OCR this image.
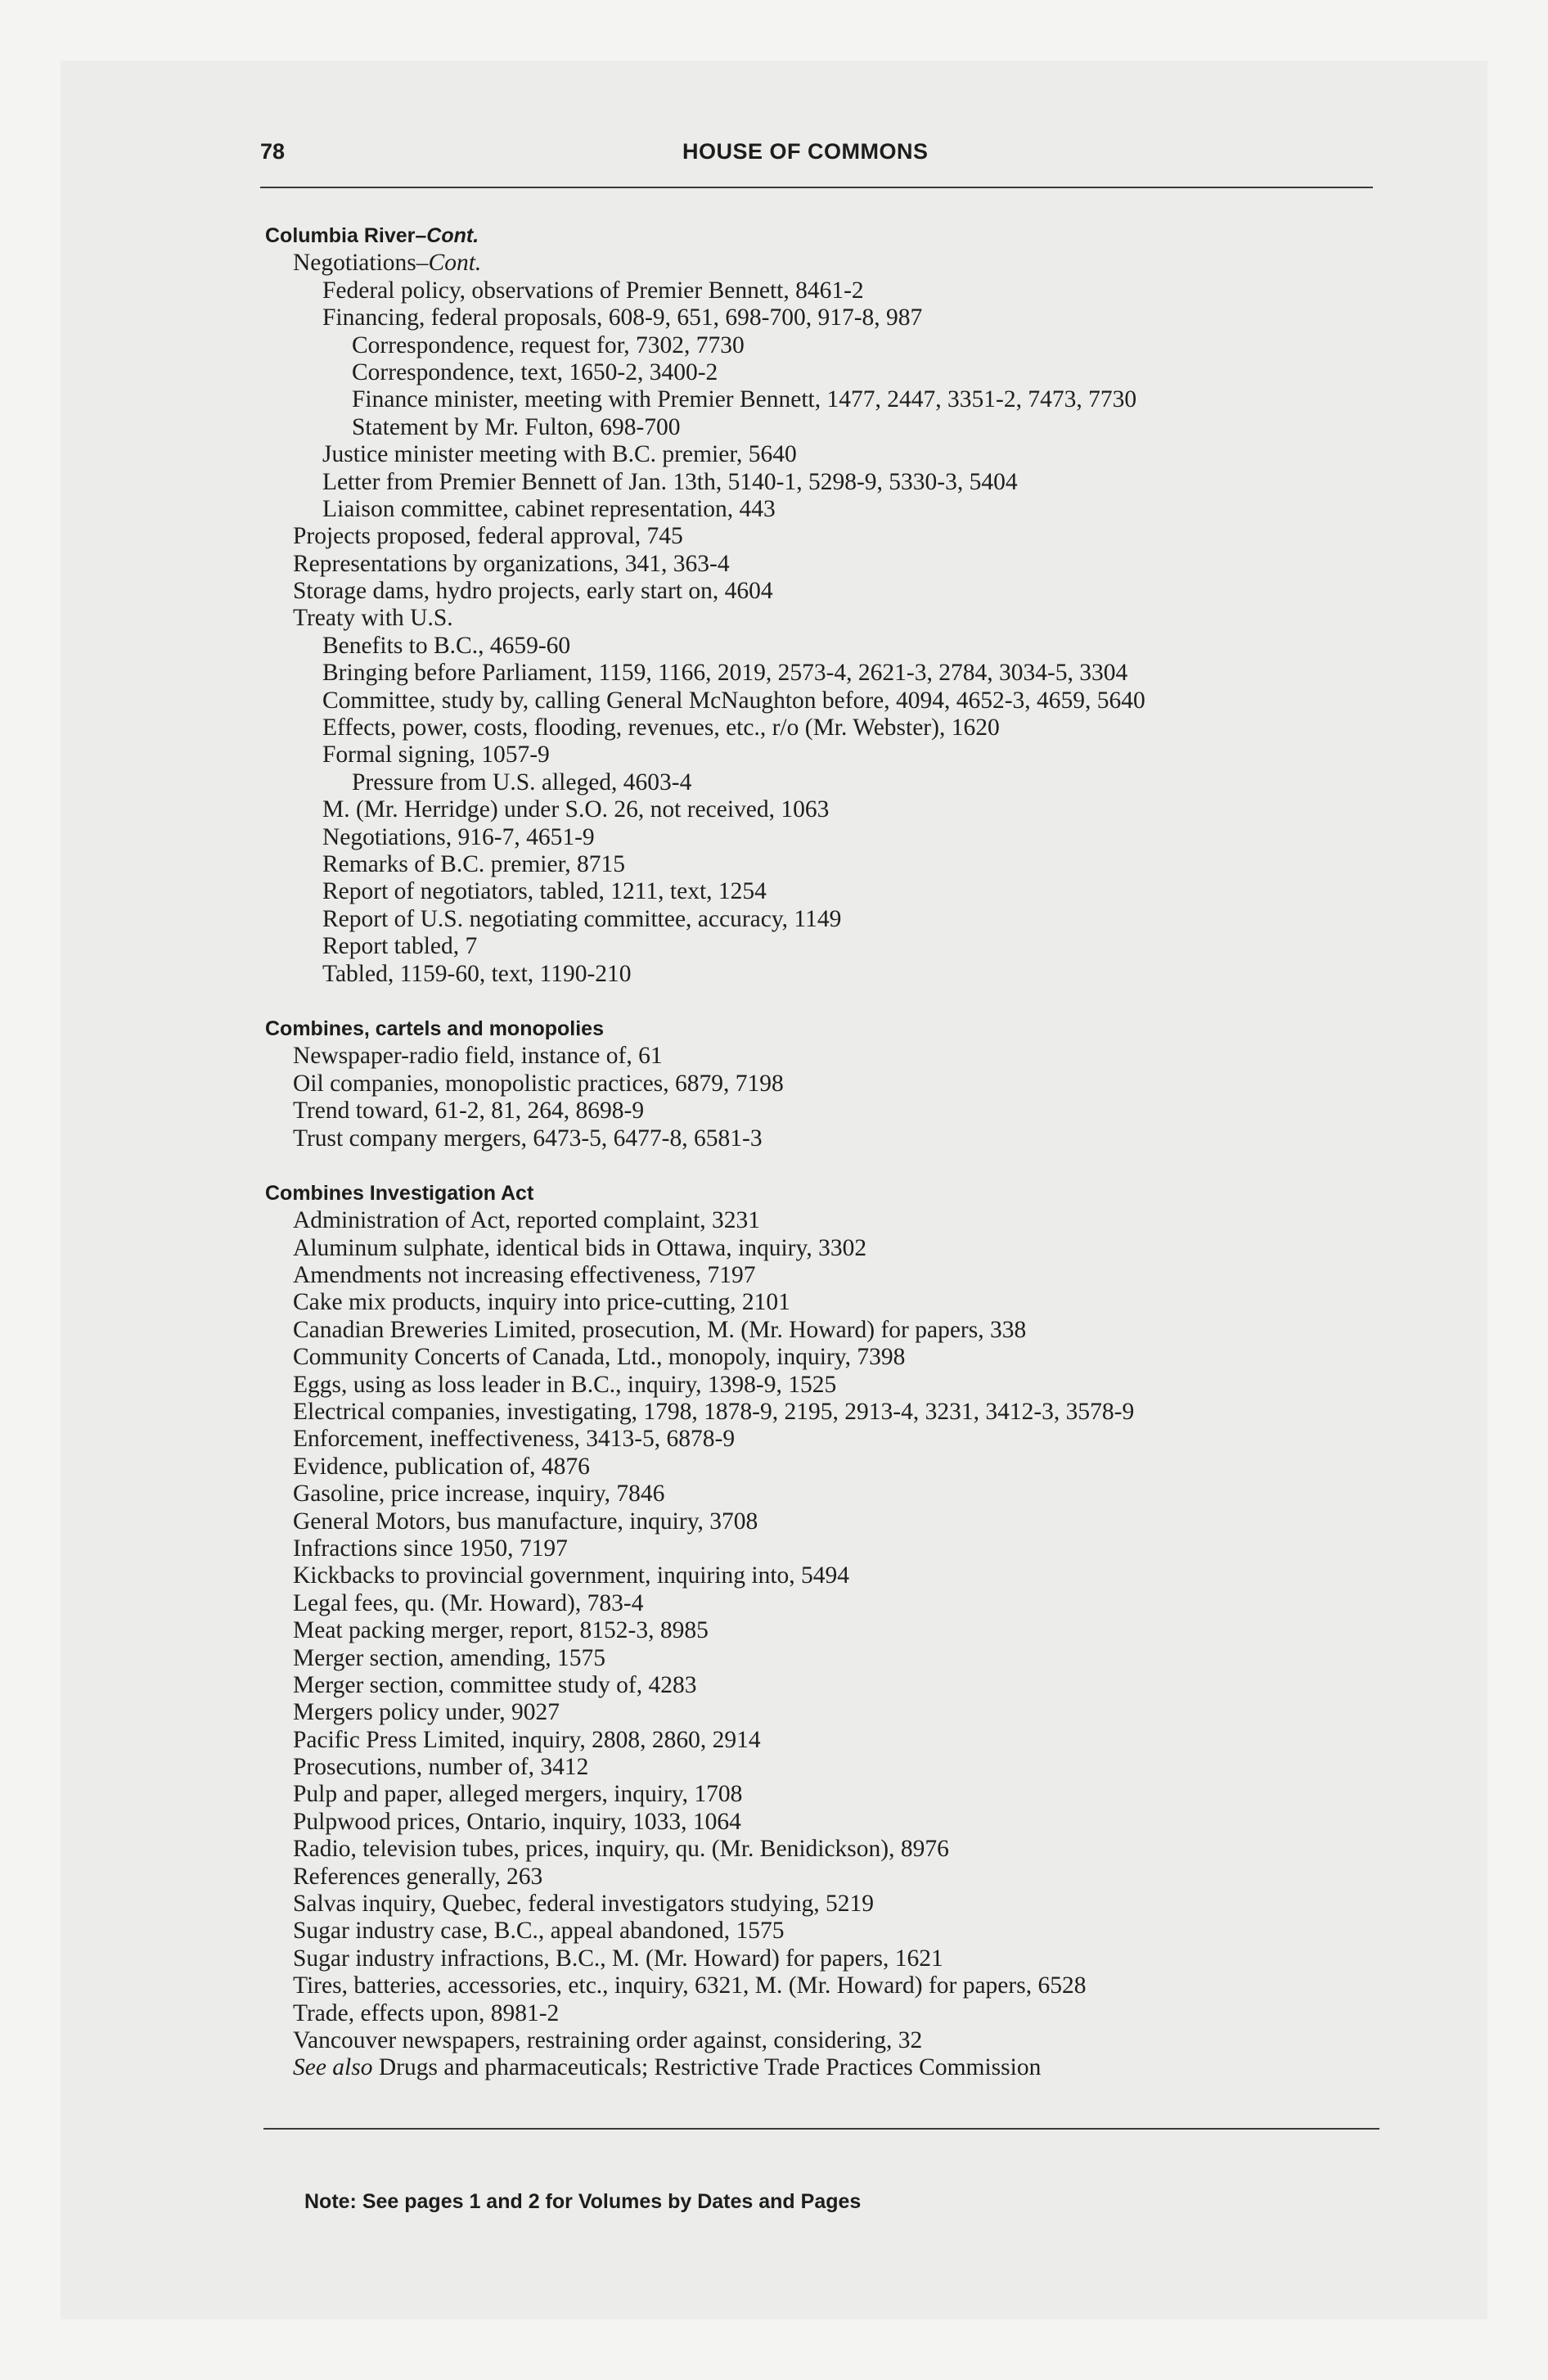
78	HOUSE OF COMMONS
Columbia River–Cont.
Negotiations–Cont.
Federal policy, observations of Premier Bennett, 8461-2
Financing, federal proposals, 608-9, 651, 698-700, 917-8, 987
Correspondence, request for, 7302, 7730
Correspondence, text, 1650-2, 3400-2
Finance minister, meeting with Premier Bennett, 1477, 2447, 3351-2, 7473, 7730
Statement by Mr. Fulton, 698-700
Justice minister meeting with B.C. premier, 5640
Letter from Premier Bennett of Jan. 13th, 5140-1, 5298-9, 5330-3, 5404
Liaison committee, cabinet representation, 443
Projects proposed, federal approval, 745
Representations by organizations, 341, 363-4
Storage dams, hydro projects, early start on, 4604
Treaty with U.S.
Benefits to B.C., 4659-60
Bringing before Parliament, 1159, 1166, 2019, 2573-4, 2621-3, 2784, 3034-5, 3304
Committee, study by, calling General McNaughton before, 4094, 4652-3, 4659, 5640
Effects, power, costs, flooding, revenues, etc., r/o (Mr. Webster), 1620
Formal signing, 1057-9
Pressure from U.S. alleged, 4603-4
M. (Mr. Herridge) under S.O. 26, not received, 1063
Negotiations, 916-7, 4651-9
Remarks of B.C. premier, 8715
Report of negotiators, tabled, 1211, text, 1254
Report of U.S. negotiating committee, accuracy, 1149
Report tabled, 7
Tabled, 1159-60, text, 1190-210
Combines, cartels and monopolies
Newspaper-radio field, instance of, 61
Oil companies, monopolistic practices, 6879, 7198
Trend toward, 61-2, 81, 264, 8698-9
Trust company mergers, 6473-5, 6477-8, 6581-3
Combines Investigation Act
Administration of Act, reported complaint, 3231
Aluminum sulphate, identical bids in Ottawa, inquiry, 3302
Amendments not increasing effectiveness, 7197
Cake mix products, inquiry into price-cutting, 2101
Canadian Breweries Limited, prosecution, M. (Mr. Howard) for papers, 338
Community Concerts of Canada, Ltd., monopoly, inquiry, 7398
Eggs, using as loss leader in B.C., inquiry, 1398-9, 1525
Electrical companies, investigating, 1798, 1878-9, 2195, 2913-4, 3231, 3412-3, 3578-9
Enforcement, ineffectiveness, 3413-5, 6878-9
Evidence, publication of, 4876
Gasoline, price increase, inquiry, 7846
General Motors, bus manufacture, inquiry, 3708
Infractions since 1950, 7197
Kickbacks to provincial government, inquiring into, 5494
Legal fees, qu. (Mr. Howard), 783-4
Meat packing merger, report, 8152-3, 8985
Merger section, amending, 1575
Merger section, committee study of, 4283
Mergers policy under, 9027
Pacific Press Limited, inquiry, 2808, 2860, 2914
Prosecutions, number of, 3412
Pulp and paper, alleged mergers, inquiry, 1708
Pulpwood prices, Ontario, inquiry, 1033, 1064
Radio, television tubes, prices, inquiry, qu. (Mr. Benidickson), 8976
References generally, 263
Salvas inquiry, Quebec, federal investigators studying, 5219
Sugar industry case, B.C., appeal abandoned, 1575
Sugar industry infractions, B.C., M. (Mr. Howard) for papers, 1621
Tires, batteries, accessories, etc., inquiry, 6321, M. (Mr. Howard) for papers, 6528
Trade, effects upon, 8981-2
Vancouver newspapers, restraining order against, considering, 32
See also Drugs and pharmaceuticals; Restrictive Trade Practices Commission
Note: See pages 1 and 2 for Volumes by Dates and Pages
